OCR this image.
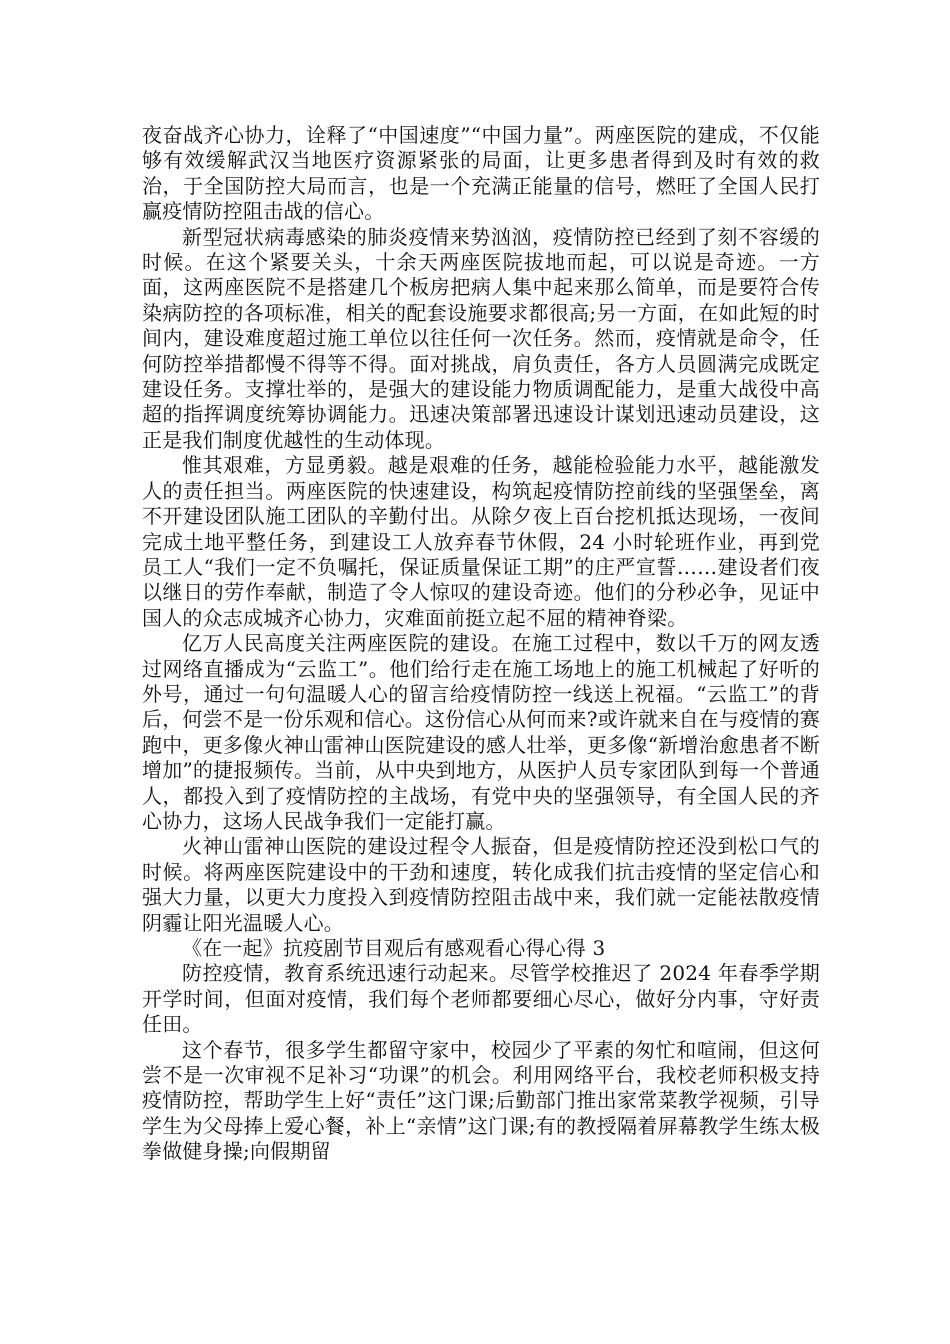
夜奋战齐心协力，诠释了“中国速度”“中国力量”。两座医院的建成，不仅能够有效缓解武汉当地医疗资源紧张的局面，让更多患者得到及时有效的救治，于全国防控大局而言，也是一个充满正能量的信号，燃旺了全国人民打赢疫情防控阻击战的信心。

新型冠状病毒感染的肺炎疫情来势汹汹，疫情防控已经到了刻不容缓的时候。在这个紧要关头，十余天两座医院拔地而起，可以说是奇迹。一方面，这两座医院不是搭建几个板房把病人集中起来那么简单，而是要符合传染病防控的各项标准，相关的配套设施要求都很高;另一方面，在如此短的时间内，建设难度超过施工单位以往任何一次任务。然而，疫情就是命令，任何防控举措都慢不得等不得。面对挑战，肩负责任，各方人员圆满完成既定建设任务。支撑壮举的，是强大的建设能力物质调配能力，是重大战役中高超的指挥调度统筹协调能力。迅速决策部署迅速设计谋划迅速动员建设，这正是我们制度优越性的生动体现。

惟其艰难，方显勇毅。越是艰难的任务，越能检验能力水平，越能激发人的责任担当。两座医院的快速建设，构筑起疫情防控前线的坚强堡垒，离不开建设团队施工团队的辛勤付出。从除夕夜上百台挖机抵达现场，一夜间完成土地平整任务，到建设工人放弃春节休假，24 小时轮班作业，再到党员工人“我们一定不负嘱托，保证质量保证工期”的庄严宣誓……建设者们夜以继日的劳作奉献，制造了令人惊叹的建设奇迹。他们的分秒必争，见证中国人的众志成城齐心协力，灾难面前挺立起不屈的精神脊梁。

亿万人民高度关注两座医院的建设。在施工过程中，数以千万的网友透过网络直播成为“云监工”。他们给行走在施工场地上的施工机械起了好听的外号，通过一句句温暖人心的留言给疫情防控一线送上祝福。“云监工”的背后，何尝不是一份乐观和信心。这份信心从何而来?或许就来自在与疫情的赛跑中，更多像火神山雷神山医院建设的感人壮举，更多像“新增治愈患者不断增加”的捷报频传。当前，从中央到地方，从医护人员专家团队到每一个普通人，都投入到了疫情防控的主战场，有党中央的坚强领导，有全国人民的齐心协力，这场人民战争我们一定能打赢。

火神山雷神山医院的建设过程令人振奋，但是疫情防控还没到松口气的时候。将两座医院建设中的干劲和速度，转化成我们抗击疫情的坚定信心和强大力量，以更大力度投入到疫情防控阻击战中来，我们就一定能祛散疫情阴霾让阳光温暖人心。

《在一起》抗疫剧节目观后有感观看心得心得 3

防控疫情，教育系统迅速行动起来。尽管学校推迟了 2024 年春季学期开学时间，但面对疫情，我们每个老师都要细心尽心，做好分内事，守好责任田。

这个春节，很多学生都留守家中，校园少了平素的匆忙和喧闹，但这何尝不是一次审视不足补习“功课”的机会。利用网络平台，我校老师积极支持疫情防控，帮助学生上好“责任”这门课;后勤部门推出家常菜教学视频，引导学生为父母捧上爱心餐，补上“亲情”这门课;有的教授隔着屏幕教学生练太极拳做健身操;向假期留
